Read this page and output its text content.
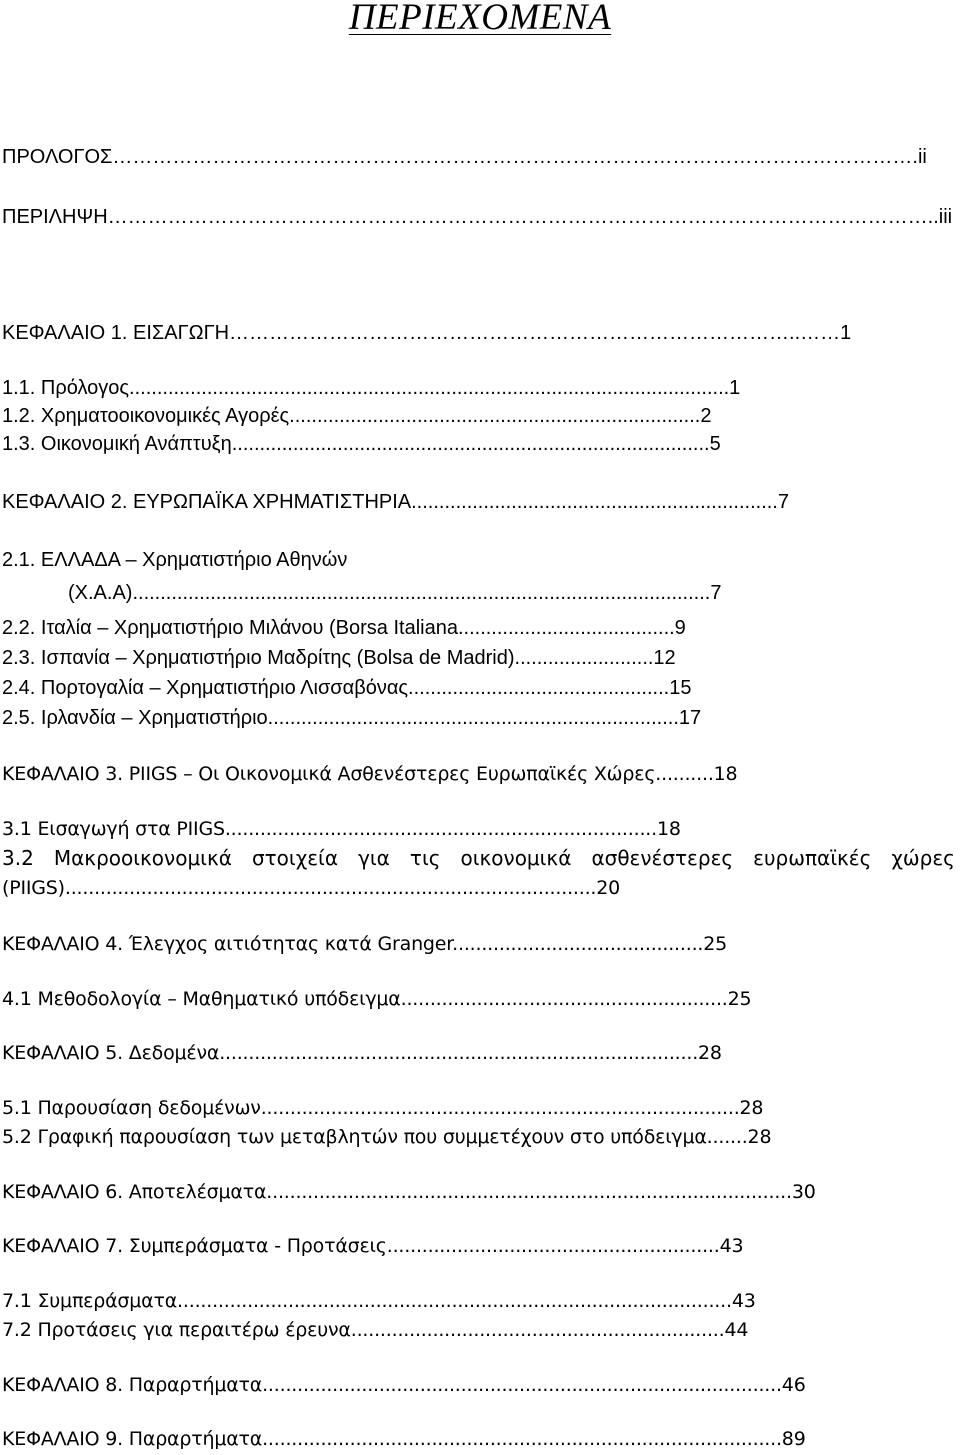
ΠΕΡΙΕΧΟΜΕΝΑ
ΠΡΟΛΟΓΟΣ………………………………………………………………………………………………………….ii
ΠΕΡΙΛΗΨΗ……………………………………………………………………………………………………………..iii
ΚΕΦΑΛΑΙΟ 1. ΕΙΣΑΓΩΓΗ…………………………………………………………………………..……1
1.1. Πρόλογος............................................................................................................1
1.2. Χρηματοοικονομικές Αγορές..........................................................................2
1.3. Οικονομική Ανάπτυξη......................................................................................5
ΚΕΦΑΛΑΙΟ 2. ΕΥΡΩΠΑΪΚΑ ΧΡΗΜΑΤΙΣΤΗΡΙΑ..................................................................7
2.1. ΕΛΛΑΔΑ – Χρηματιστήριο Αθηνών
(Χ.Α.Α)........................................................................................................7
2.2. Ιταλία – Χρηματιστήριο Μιλάνου (Borsa Italiana.......................................9
2.3. Ισπανία – Χρηματιστήριο Μαδρίτης (Bolsa de Madrid).........................12
2.4. Πορτογαλία – Χρηματιστήριο Λισσαβόνας...............................................15
2.5. Ιρλανδία – Χρηματιστήριο..........................................................................17
ΚΕΦΑΛΑΙΟ 3. PIIGS – Οι Οικονομικά Ασθενέστερες Ευρωπαϊκές Χώρες..........18
3.1 Εισαγωγή στα PIIGS..........................................................................18
3.2 Μακροοικονομικά στοιχεία για τις οικονομικά ασθενέστερες ευρωπαϊκές χώρες
(PIIGS)...........................................................................................20
ΚΕΦΑΛΑΙΟ 4. Έλεγχος αιτιότητας κατά Granger...........................................25
4.1 Μεθοδολογία – Μαθηματικό υπόδειγμα........................................................25
ΚΕΦΑΛΑΙΟ 5. Δεδομένα..................................................................................28
5.1 Παρουσίαση δεδομένων..................................................................................28
5.2 Γραφική παρουσίαση των μεταβλητών που συμμετέχουν στο υπόδειγμα.......28
ΚΕΦΑΛΑΙΟ 6. Αποτελέσματα..........................................................................................30
ΚΕΦΑΛΑΙΟ 7. Συμπεράσματα - Προτάσεις.........................................................43
7.1 Συμπεράσματα...............................................................................................43
7.2 Προτάσεις για περαιτέρω έρευνα................................................................44
ΚΕΦΑΛΑΙΟ 8. Παραρτήματα.........................................................................................46
ΚΕΦΑΛΑΙΟ 9. Παραρτήματα.........................................................................................89
